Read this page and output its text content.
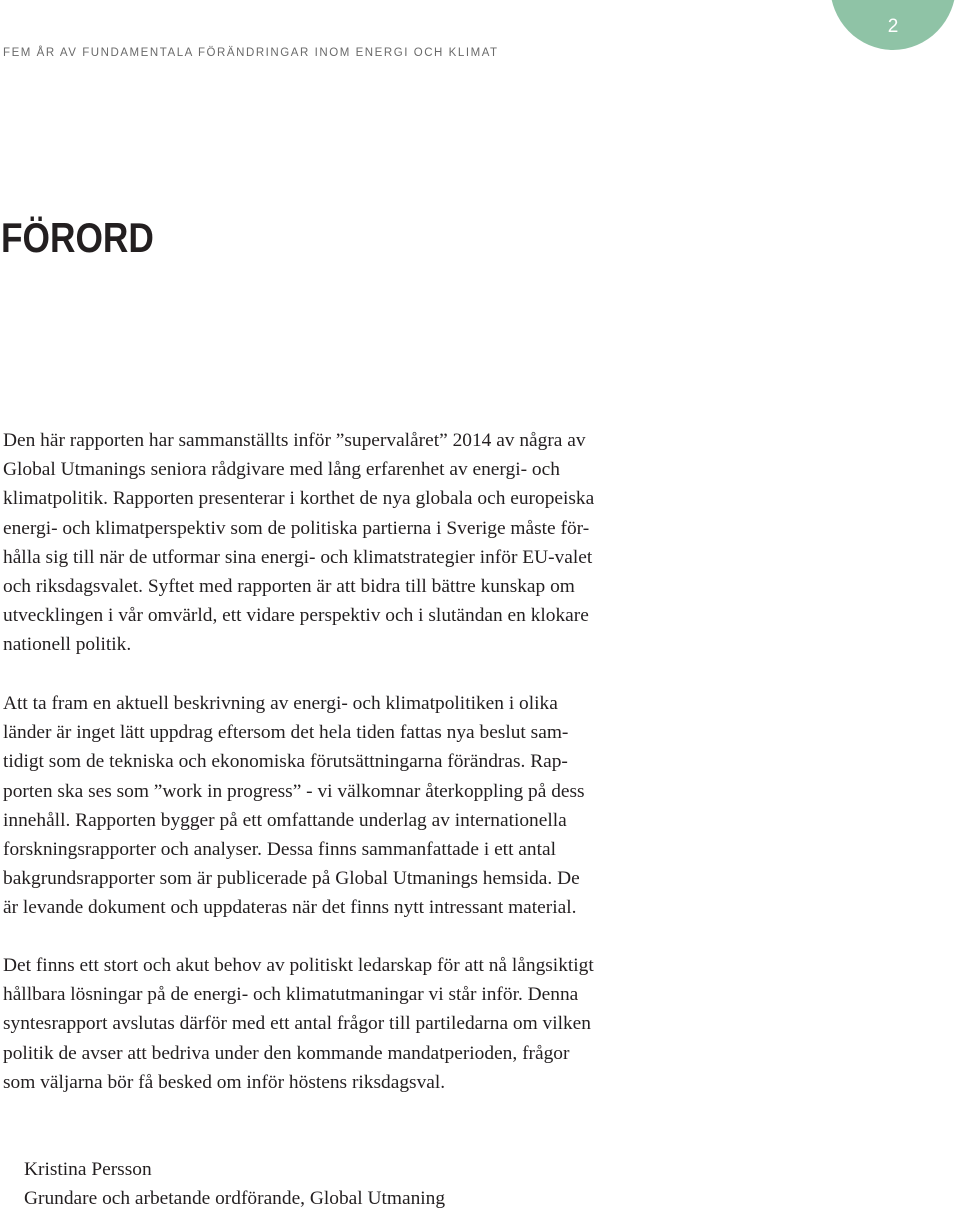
2
FEM ÅR AV FUNDAMENTALA FÖRÄNDRINGAR INOM ENERGI OCH KLIMAT
FÖRORD

Den här rapporten har sammanställts inför ”supervalåret” 2014 av några av
Global Utmanings seniora rådgivare med lång erfarenhet av energi- och
klimatpolitik. Rapporten presenterar i korthet de nya globala och europeiska
energi- och klimatperspektiv som de politiska partierna i Sverige måste för-
hålla sig till när de utformar sina energi- och klimatstrategier inför EU-valet
och riksdagsvalet. Syftet med rapporten är att bidra till bättre kunskap om
utvecklingen i vår omvärld, ett vidare perspektiv och i slutändan en klokare
nationell politik.

Att ta fram en aktuell beskrivning av energi- och klimatpolitiken i olika
länder är inget lätt uppdrag eftersom det hela tiden fattas nya beslut sam-
tidigt som de tekniska och ekonomiska förutsättningarna förändras. Rap-
porten ska ses som ”work in progress” - vi välkomnar återkoppling på dess
innehåll. Rapporten bygger på ett omfattande underlag av internationella
forskningsrapporter och analyser. Dessa finns sammanfattade i ett antal
bakgrundsrapporter som är publicerade på Global Utmanings hemsida. De
är levande dokument och uppdateras när det finns nytt intressant material.

Det finns ett stort och akut behov av politiskt ledarskap för att nå långsiktigt
hållbara lösningar på de energi- och klimatutmaningar vi står inför. Denna
syntesrapport avslutas därför med ett antal frågor till partiledarna om vilken
politik de avser att bedriva under den kommande mandatperioden, frågor
som väljarna bör få besked om inför höstens riksdagsval.

Kristina Persson
Grundare och arbetande ordförande, Global Utmaning
